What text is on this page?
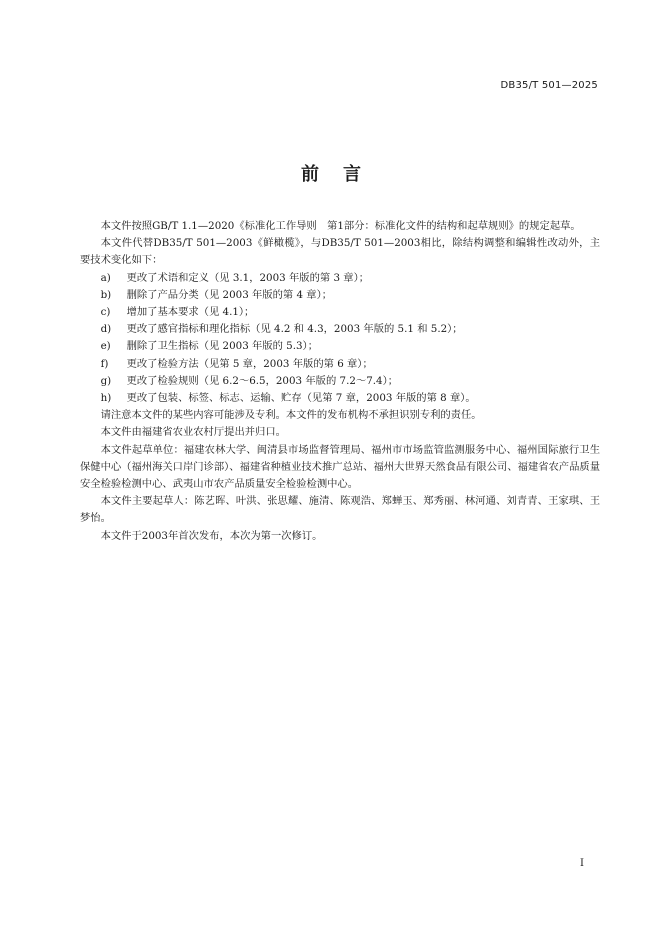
DB35/T 501—2025
前言

本文件按照GB/T 1.1—2020《标准化工作导则　第1部分：标准化文件的结构和起草规则》的规定起草。

本文件代替DB35/T 501—2003《鲜橄榄》，与DB35/T 501—2003相比，除结构调整和编辑性改动外，主要技术变化如下：

a) 更改了术语和定义（见 3.1，2003 年版的第 3 章）；

b) 删除了产品分类（见 2003 年版的第 4 章）；

c) 增加了基本要求（见 4.1）；

d) 更改了感官指标和理化指标（见 4.2 和 4.3，2003 年版的 5.1 和 5.2）；

e) 删除了卫生指标（见 2003 年版的 5.3）；

f) 更改了检验方法（见第 5 章，2003 年版的第 6 章）；

g) 更改了检验规则（见 6.2～6.5，2003 年版的 7.2～7.4）；

h) 更改了包装、标签、标志、运输、贮存（见第 7 章，2003 年版的第 8 章）。

请注意本文件的某些内容可能涉及专利。本文件的发布机构不承担识别专利的责任。

本文件由福建省农业农村厅提出并归口。

本文件起草单位：福建农林大学、闽清县市场监督管理局、福州市市场监管监测服务中心、福州国际旅行卫生保健中心（福州海关口岸门诊部）、福建省种植业技术推广总站、福州大世界天然食品有限公司、福建省农产品质量安全检验检测中心、武夷山市农产品质量安全检验检测中心。

本文件主要起草人：陈艺晖、叶洪、张思耀、施清、陈观浩、郑蝉玉、郑秀丽、林河通、刘青青、王家琪、王梦怡。

本文件于2003年首次发布，本次为第一次修订。

I
